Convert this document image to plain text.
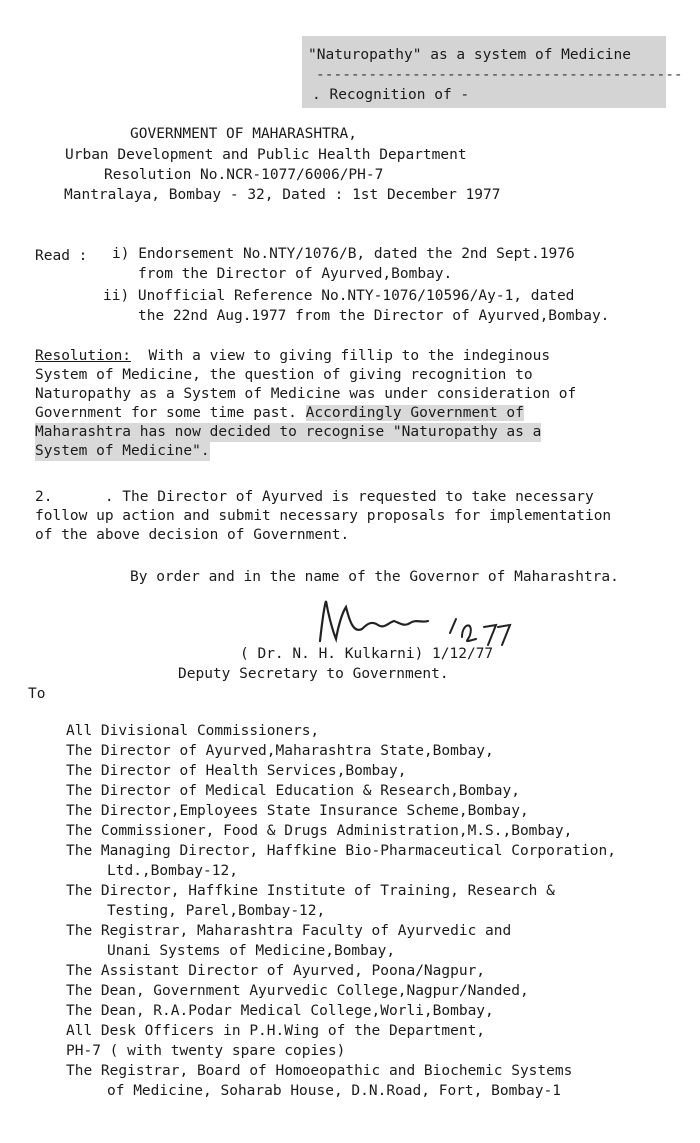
"Naturopathy" as a system of Medicine
------------------------------------------
. Recognition of -
GOVERNMENT OF MAHARASHTRA,
Urban Development and Public Health Department
Resolution No.NCR-1077/6006/PH-7
Mantralaya, Bombay - 32, Dated : 1st December 1977
Read : i) Endorsement No.NTY/1076/B, dated the 2nd Sept.1976
from the Director of Ayurved,Bombay.
ii) Unofficial Reference No.NTY-1076/10596/Ay-1, dated
the 22nd Aug.1977 from the Director of Ayurved,Bombay.
Resolution:  With a view to giving fillip to the indeginous
System of Medicine, the question of giving recognition to
Naturopathy as a System of Medicine was under consideration of
Government for some time past. Accordingly Government of
Maharashtra has now decided to recognise "Naturopathy as a
System of Medicine".
2.      . The Director of Ayurved is requested to take necessary
follow up action and submit necessary proposals for implementation
of the above decision of Government.
By order and in the name of the Governor of Maharashtra.
( Dr. N. H. Kulkarni) 1/12/77
Deputy Secretary to Government.
To
All Divisional Commissioners,
The Director of Ayurved,Maharashtra State,Bombay,
The Director of Health Services,Bombay,
The Director of Medical Education & Research,Bombay,
The Director,Employees State Insurance Scheme,Bombay,
The Commissioner, Food & Drugs Administration,M.S.,Bombay,
The Managing Director, Haffkine Bio-Pharmaceutical Corporation,
Ltd.,Bombay-12,
The Director, Haffkine Institute of Training, Research &
Testing, Parel,Bombay-12,
The Registrar, Maharashtra Faculty of Ayurvedic and
Unani Systems of Medicine,Bombay,
The Assistant Director of Ayurved, Poona/Nagpur,
The Dean, Government Ayurvedic College,Nagpur/Nanded,
The Dean, R.A.Podar Medical College,Worli,Bombay,
All Desk Officers in P.H.Wing of the Department,
PH-7 ( with twenty spare copies)
The Registrar, Board of Homoeopathic and Biochemic Systems
of Medicine, Soharab House, D.N.Road, Fort, Bombay-1
